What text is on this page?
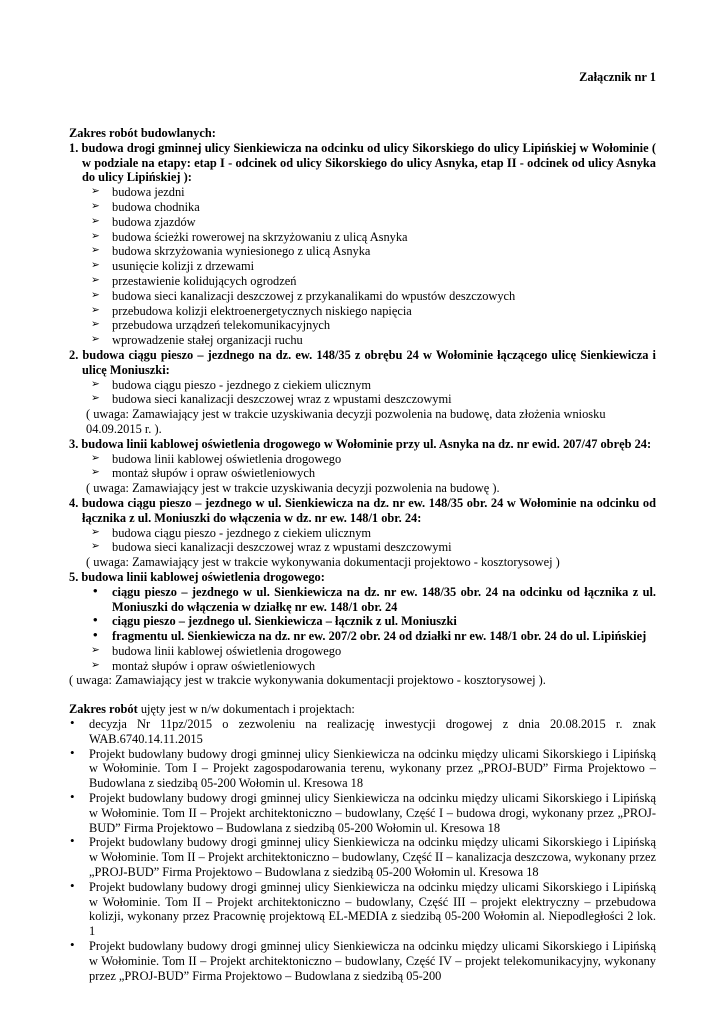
Załącznik nr 1
Zakres robót budowlanych:
1. budowa drogi gminnej ulicy Sienkiewicza na odcinku od ulicy Sikorskiego do ulicy Lipińskiej w Wołominie ( w podziale na etapy: etap I - odcinek od ulicy Sikorskiego do ulicy Asnyka, etap II - odcinek od ulicy Asnyka do ulicy Lipińskiej ):
➢ budowa jezdni
➢ budowa chodnika
➢ budowa zjazdów
➢ budowa ścieżki rowerowej na skrzyżowaniu z ulicą Asnyka
➢ budowa skrzyżowania wyniesionego z ulicą Asnyka
➢ usunięcie kolizji z drzewami
➢ przestawienie kolidujących ogrodzeń
➢ budowa sieci kanalizacji deszczowej z przykanalikami do wpustów deszczowych
➢ przebudowa kolizji elektroenergetycznych niskiego napięcia
➢ przebudowa urządzeń telekomunikacyjnych
➢ wprowadzenie stałej organizacji ruchu
2. budowa ciągu pieszo – jezdnego na dz. ew. 148/35 z obrębu 24 w Wołominie łączącego ulicę Sienkiewicza i ulicę Moniuszki:
➢ budowa ciągu pieszo - jezdnego z ciekiem ulicznym
➢ budowa sieci kanalizacji deszczowej wraz z wpustami deszczowymi
( uwaga: Zamawiający jest w trakcie uzyskiwania decyzji pozwolenia na budowę, data złożenia wniosku 04.09.2015 r. ).
3. budowa linii kablowej oświetlenia drogowego w Wołominie przy ul. Asnyka na dz. nr ewid. 207/47 obręb 24:
➢ budowa linii kablowej oświetlenia drogowego
➢ montaż słupów i opraw oświetleniowych
( uwaga: Zamawiający jest w trakcie uzyskiwania decyzji pozwolenia na budowę ).
4. budowa ciągu pieszo – jezdnego w ul. Sienkiewicza na dz. nr ew. 148/35 obr. 24 w Wołominie na odcinku od łącznika z ul. Moniuszki do włączenia w dz. nr ew. 148/1 obr. 24:
➢ budowa ciągu pieszo - jezdnego z ciekiem ulicznym
➢ budowa sieci kanalizacji deszczowej wraz z wpustami deszczowymi
( uwaga: Zamawiający jest w trakcie wykonywania dokumentacji projektowo - kosztorysowej )
5. budowa linii kablowej oświetlenia drogowego:
• ciągu pieszo – jezdnego w ul. Sienkiewicza na dz. nr ew. 148/35 obr. 24 na odcinku od łącznika z ul. Moniuszki do włączenia w działkę nr ew. 148/1 obr. 24
• ciągu pieszo – jezdnego ul. Sienkiewicza – łącznik z ul. Moniuszki
• fragmentu ul. Sienkiewicza na dz. nr ew. 207/2 obr. 24 od działki nr ew. 148/1 obr. 24 do ul. Lipińskiej
➢ budowa linii kablowej oświetlenia drogowego
➢ montaż słupów i opraw oświetleniowych
( uwaga: Zamawiający jest w trakcie wykonywania dokumentacji projektowo - kosztorysowej ).
Zakres robót ujęty jest w n/w dokumentach i projektach:
• decyzja Nr 11pz/2015 o zezwoleniu na realizację inwestycji drogowej z dnia 20.08.2015 r. znak WAB.6740.14.11.2015
• Projekt budowlany budowy drogi gminnej ulicy Sienkiewicza na odcinku między ulicami Sikorskiego i Lipińską w Wołominie. Tom I – Projekt zagospodarowania terenu, wykonany przez „PROJ-BUD” Firma Projektowo – Budowlana z siedzibą 05-200 Wołomin ul. Kresowa 18
• Projekt budowlany budowy drogi gminnej ulicy Sienkiewicza na odcinku między ulicami Sikorskiego i Lipińską w Wołominie. Tom II – Projekt architektoniczno – budowlany, Część I – budowa drogi, wykonany przez „PROJ-BUD” Firma Projektowo – Budowlana z siedzibą 05-200 Wołomin ul. Kresowa 18
• Projekt budowlany budowy drogi gminnej ulicy Sienkiewicza na odcinku między ulicami Sikorskiego i Lipińską w Wołominie. Tom II – Projekt architektoniczno – budowlany, Część II – kanalizacja deszczowa, wykonany przez „PROJ-BUD” Firma Projektowo – Budowlana z siedzibą 05-200 Wołomin ul. Kresowa 18
• Projekt budowlany budowy drogi gminnej ulicy Sienkiewicza na odcinku między ulicami Sikorskiego i Lipińską w Wołominie. Tom II – Projekt architektoniczno – budowlany, Część III – projekt elektryczny – przebudowa kolizji, wykonany przez Pracownię projektową EL-MEDIA z siedzibą 05-200 Wołomin al. Niepodległości 2 lok. 1
• Projekt budowlany budowy drogi gminnej ulicy Sienkiewicza na odcinku między ulicami Sikorskiego i Lipińską w Wołominie. Tom II – Projekt architektoniczno – budowlany, Część IV – projekt telekomunikacyjny, wykonany przez „PROJ-BUD” Firma Projektowo – Budowlana z siedzibą 05-200
